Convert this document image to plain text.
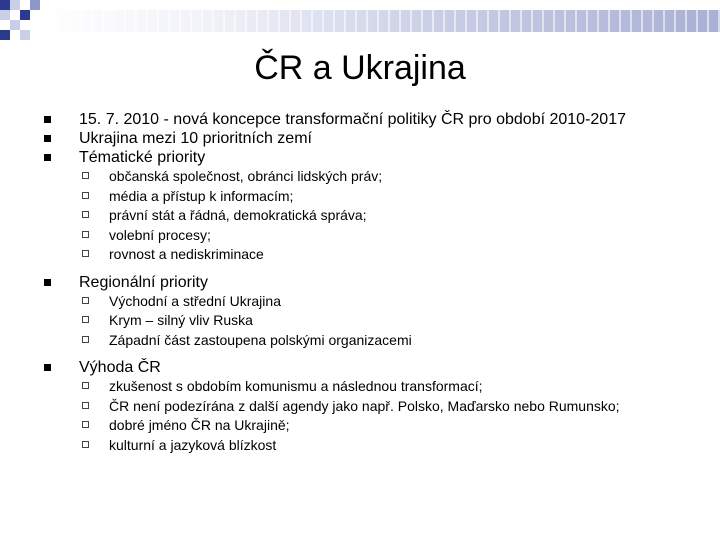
ČR a Ukrajina
15. 7. 2010 - nová koncepce transformační politiky ČR pro období 2010-2017
Ukrajina mezi 10 prioritních zemí
Tématické priority
občanská společnost, obránci lidských práv;
média a přístup k informacím;
právní stát a řádná, demokratická správa;
volební procesy;
rovnost a nediskriminace
Regionální priority
Východní a střední Ukrajina
Krym – silný vliv Ruska
Západní část zastoupena polskými organizacemi
Výhoda ČR
zkušenost s obdobím komunismu a následnou transformací;
ČR není podezírána z další agendy jako např. Polsko, Maďarsko nebo Rumunsko;
dobré jméno ČR na Ukrajině;
kulturní a jazyková blízkost
